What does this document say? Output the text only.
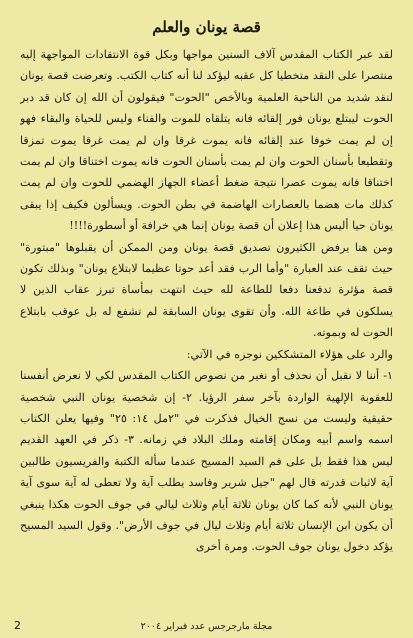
قصة يونان والعلم

لقد عبر الكتاب المقدس آلاف السنين مواجها وبكل قوة الانتقادات المواجهة إليه منتصرا على النقد متخطيا كل عقبه ليؤكد لنا أنه كتاب الكتب. وتعرضت قصة يونان لنقد شديد من الناحية العلمية وبالأخص "الحوت" فيقولون أن الله إن كان قد دبر الحوت ليبتلع يونان فور إلقائه فانه يتلقاه للموت والفناء وليس للحياة والبقاء فهو إن لم يمت خوفا عند إلقائه فانه يموت غرقا وان لم يمت غرقا يموت تمزقا وتقطيعا بأسنان الحوت وان لم يمت بأسنان الحوت فانه يموت اختناقا وان لم يمت اختناقا فانه يموت عصرا نتيجة ضغط أعضاء الجهاز الهضمي للحوت وان لم يمت كذلك مات هضما بالعصارات الهاضمة في بطن الحوت. ويسألون فكيف إذا يبقى يونان حيا أليس هذا إعلان أن قصة يونان إنما هي خرافة أو أسطورة!!!!

ومن هنا يرفض الكثيرون تصديق قصة يونان ومن الممكن أن يقبلوها "مبتورة" حيث تقف عند العبارة "وأما الرب فقد أعد حوتا عظيما لابتلاع يونان" وبذلك تكون قصة مؤثرة تدفعنا دفعا للطاعة لله حيث انتهت بمأساة تبرز عقاب الذين لا يسلكون في طاعة الله. وأن تقوى يونان السابقة لم تشفع له بل عوقب بابتلاع الحوت له وبموته.

والرد على هؤلاء المتشككين نوجزه في الآتي:

١- أننا لا نقبل أن نحذف أو نغير من نصوص الكتاب المقدس لكي لا نعرض أنفسنا للعقوبة الإلهية الواردة بآخر سفر الرؤيا. ٢- إن شخصية يونان النبي شخصية حقيقية وليست من نسج الخيال فذكرت في "٢مل ١٤: ٢٥" وفيها يعلن الكتاب اسمه واسم أبيه ومكان إقامته وملك البلاد في زمانه. ٣- ذكر في العهد القديم ليس هذا فقط بل على فم السيد المسيح عندما سأله الكتبة والفريسيون طالبين آية لاثبات قدرته قال لهم "جيل شرير وفاسد يطلب آية ولا تعطى له آية سوى آية يونان النبي لأنه كما كان يونان ثلاثة أيام وثلاث ليالي في جوف الحوت هكذا ينبغي أن يكون ابن الإنسان ثلاثة أيام وثلاث ليال في جوف الأرض". وقول السيد المسيح يؤكد دخول يونان جوف الحوت. ومرة أخرى

2	مجلة مارجرجس عدد فبراير ٢٠٠٤
